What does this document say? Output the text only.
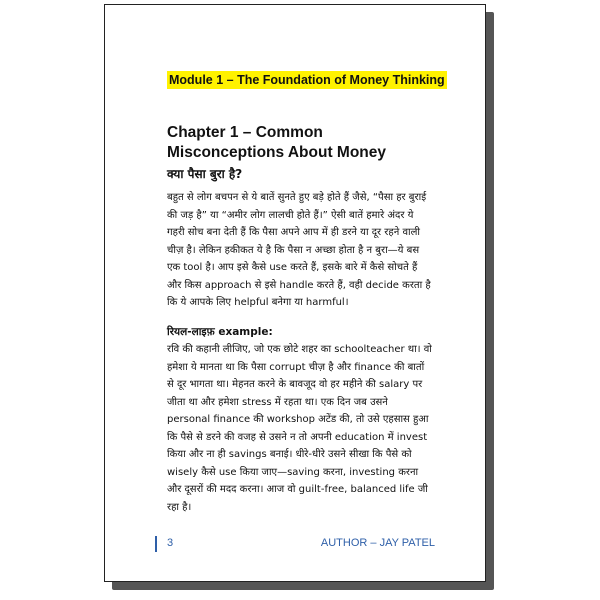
Module 1 – The Foundation of Money Thinking
Chapter 1 – Common Misconceptions About Money
क्या पैसा बुरा है?
बहुत से लोग बचपन से ये बातें सुनते हुए बड़े होते हैं जैसे, “पैसा हर बुराई की जड़ है” या “अमीर लोग लालची होते हैं।” ऐसी बातें हमारे अंदर ये गहरी सोच बना देती हैं कि पैसा अपने आप में ही डरने या दूर रहने वाली चीज़ है। लेकिन हकीकत ये है कि पैसा न अच्छा होता है न बुरा—ये बस एक tool है। आप इसे कैसे use करते हैं, इसके बारे में कैसे सोचते हैं और किस approach से इसे handle करते हैं, वही decide करता है कि ये आपके लिए helpful बनेगा या harmful।
रियल-लाइफ़ example:
रवि की कहानी लीजिए, जो एक छोटे शहर का schoolteacher था। वो हमेशा ये मानता था कि पैसा corrupt चीज़ है और finance की बातों से दूर भागता था। मेहनत करने के बावजूद वो हर महीने की salary पर जीता था और हमेशा stress में रहता था। एक दिन जब उसने personal finance की workshop अटेंड की, तो उसे एहसास हुआ कि पैसे से डरने की वजह से उसने न तो अपनी education में invest किया और ना ही savings बनाई। धीरे-धीरे उसने सीखा कि पैसे को wisely कैसे use किया जाए—saving करना, investing करना और दूसरों की मदद करना। आज वो guilt-free, balanced life जी रहा है।
3	AUTHOR – JAY PATEL
